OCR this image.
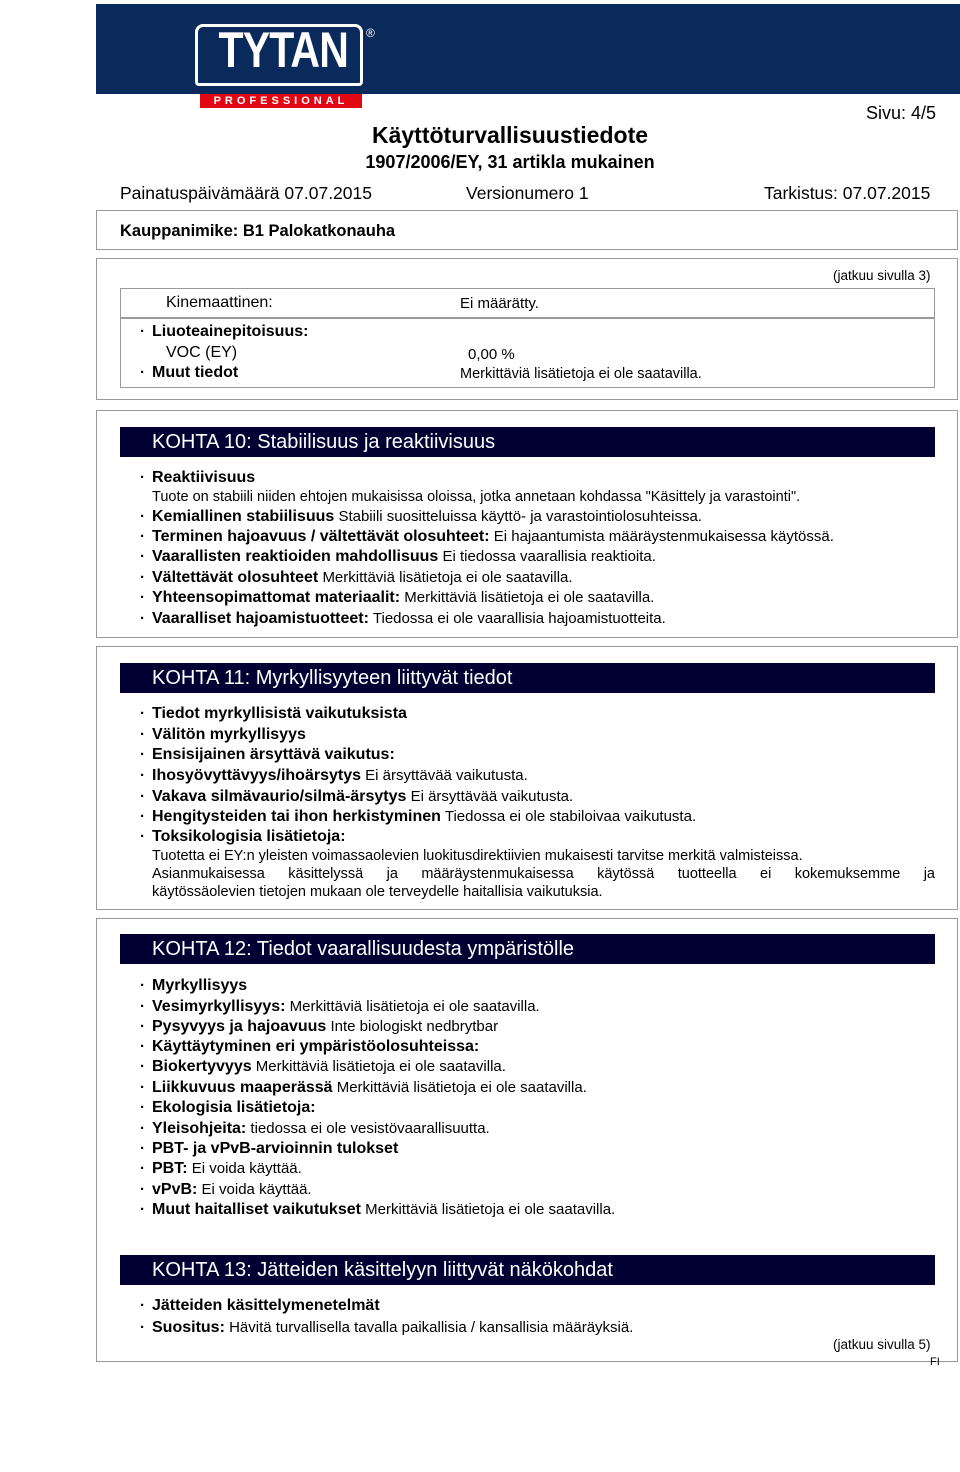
TYTAN ®
PROFESSIONAL
Sivu: 4/5
Käyttöturvallisuustiedote
1907/2006/EY, 31 artikla mukainen
Painatuspäivämäärä 07.07.2015	Versionumero 1	Tarkistus: 07.07.2015
Kauppanimike: B1 Palokatkonauha
(jatkuu sivulla 3)
Kinemaattinen:	Ei määrätty.
· Liuoteainepitoisuus:
VOC (EY)	0,00 %
· Muut tiedot	Merkittäviä lisätietoja ei ole saatavilla.
KOHTA 10: Stabiilisuus ja reaktiivisuus
· Reaktiivisuus
Tuote on stabiili niiden ehtojen mukaisissa oloissa, jotka annetaan kohdassa "Käsittely ja varastointi".
· Kemiallinen stabiilisuus Stabiili suositteluissa käyttö- ja varastointiolosuhteissa.
· Terminen hajoavuus / vältettävät olosuhteet: Ei hajaantumista määräystenmukaisessa käytössä.
· Vaarallisten reaktioiden mahdollisuus Ei tiedossa vaarallisia reaktioita.
· Vältettävät olosuhteet Merkittäviä lisätietoja ei ole saatavilla.
· Yhteensopimattomat materiaalit: Merkittäviä lisätietoja ei ole saatavilla.
· Vaaralliset hajoamistuotteet: Tiedossa ei ole vaarallisia hajoamistuotteita.
KOHTA 11: Myrkyllisyyteen liittyvät tiedot
· Tiedot myrkyllisistä vaikutuksista
· Välitön myrkyllisyys
· Ensisijainen ärsyttävä vaikutus:
· Ihosyövyttävyys/ihoärsytys Ei ärsyttävää vaikutusta.
· Vakava silmävaurio/silmä-ärsytys Ei ärsyttävää vaikutusta.
· Hengitysteiden tai ihon herkistyminen Tiedossa ei ole stabiloivaa vaikutusta.
· Toksikologisia lisätietoja:
Tuotetta ei EY:n yleisten voimassaolevien luokitusdirektiivien mukaisesti tarvitse merkitä valmisteissa.
Asianmukaisessa käsittelyssä ja määräystenmukaisessa käytössä tuotteella ei kokemuksemme ja
käytössäolevien tietojen mukaan ole terveydelle haitallisia vaikutuksia.
KOHTA 12: Tiedot vaarallisuudesta ympäristölle
· Myrkyllisyys
· Vesimyrkyllisyys: Merkittäviä lisätietoja ei ole saatavilla.
· Pysyvyys ja hajoavuus Inte biologiskt nedbrytbar
· Käyttäytyminen eri ympäristöolosuhteissa:
· Biokertyvyys Merkittäviä lisätietoja ei ole saatavilla.
· Liikkuvuus maaperässä Merkittäviä lisätietoja ei ole saatavilla.
· Ekologisia lisätietoja:
· Yleisohjeita: tiedossa ei ole vesistövaarallisuutta.
· PBT- ja vPvB-arvioinnin tulokset
· PBT: Ei voida käyttää.
· vPvB: Ei voida käyttää.
· Muut haitalliset vaikutukset Merkittäviä lisätietoja ei ole saatavilla.
KOHTA 13: Jätteiden käsittelyyn liittyvät näkökohdat
· Jätteiden käsittelymenetelmät
· Suositus: Hävitä turvallisella tavalla paikallisia / kansallisia määräyksiä.
(jatkuu sivulla 5)
FI
